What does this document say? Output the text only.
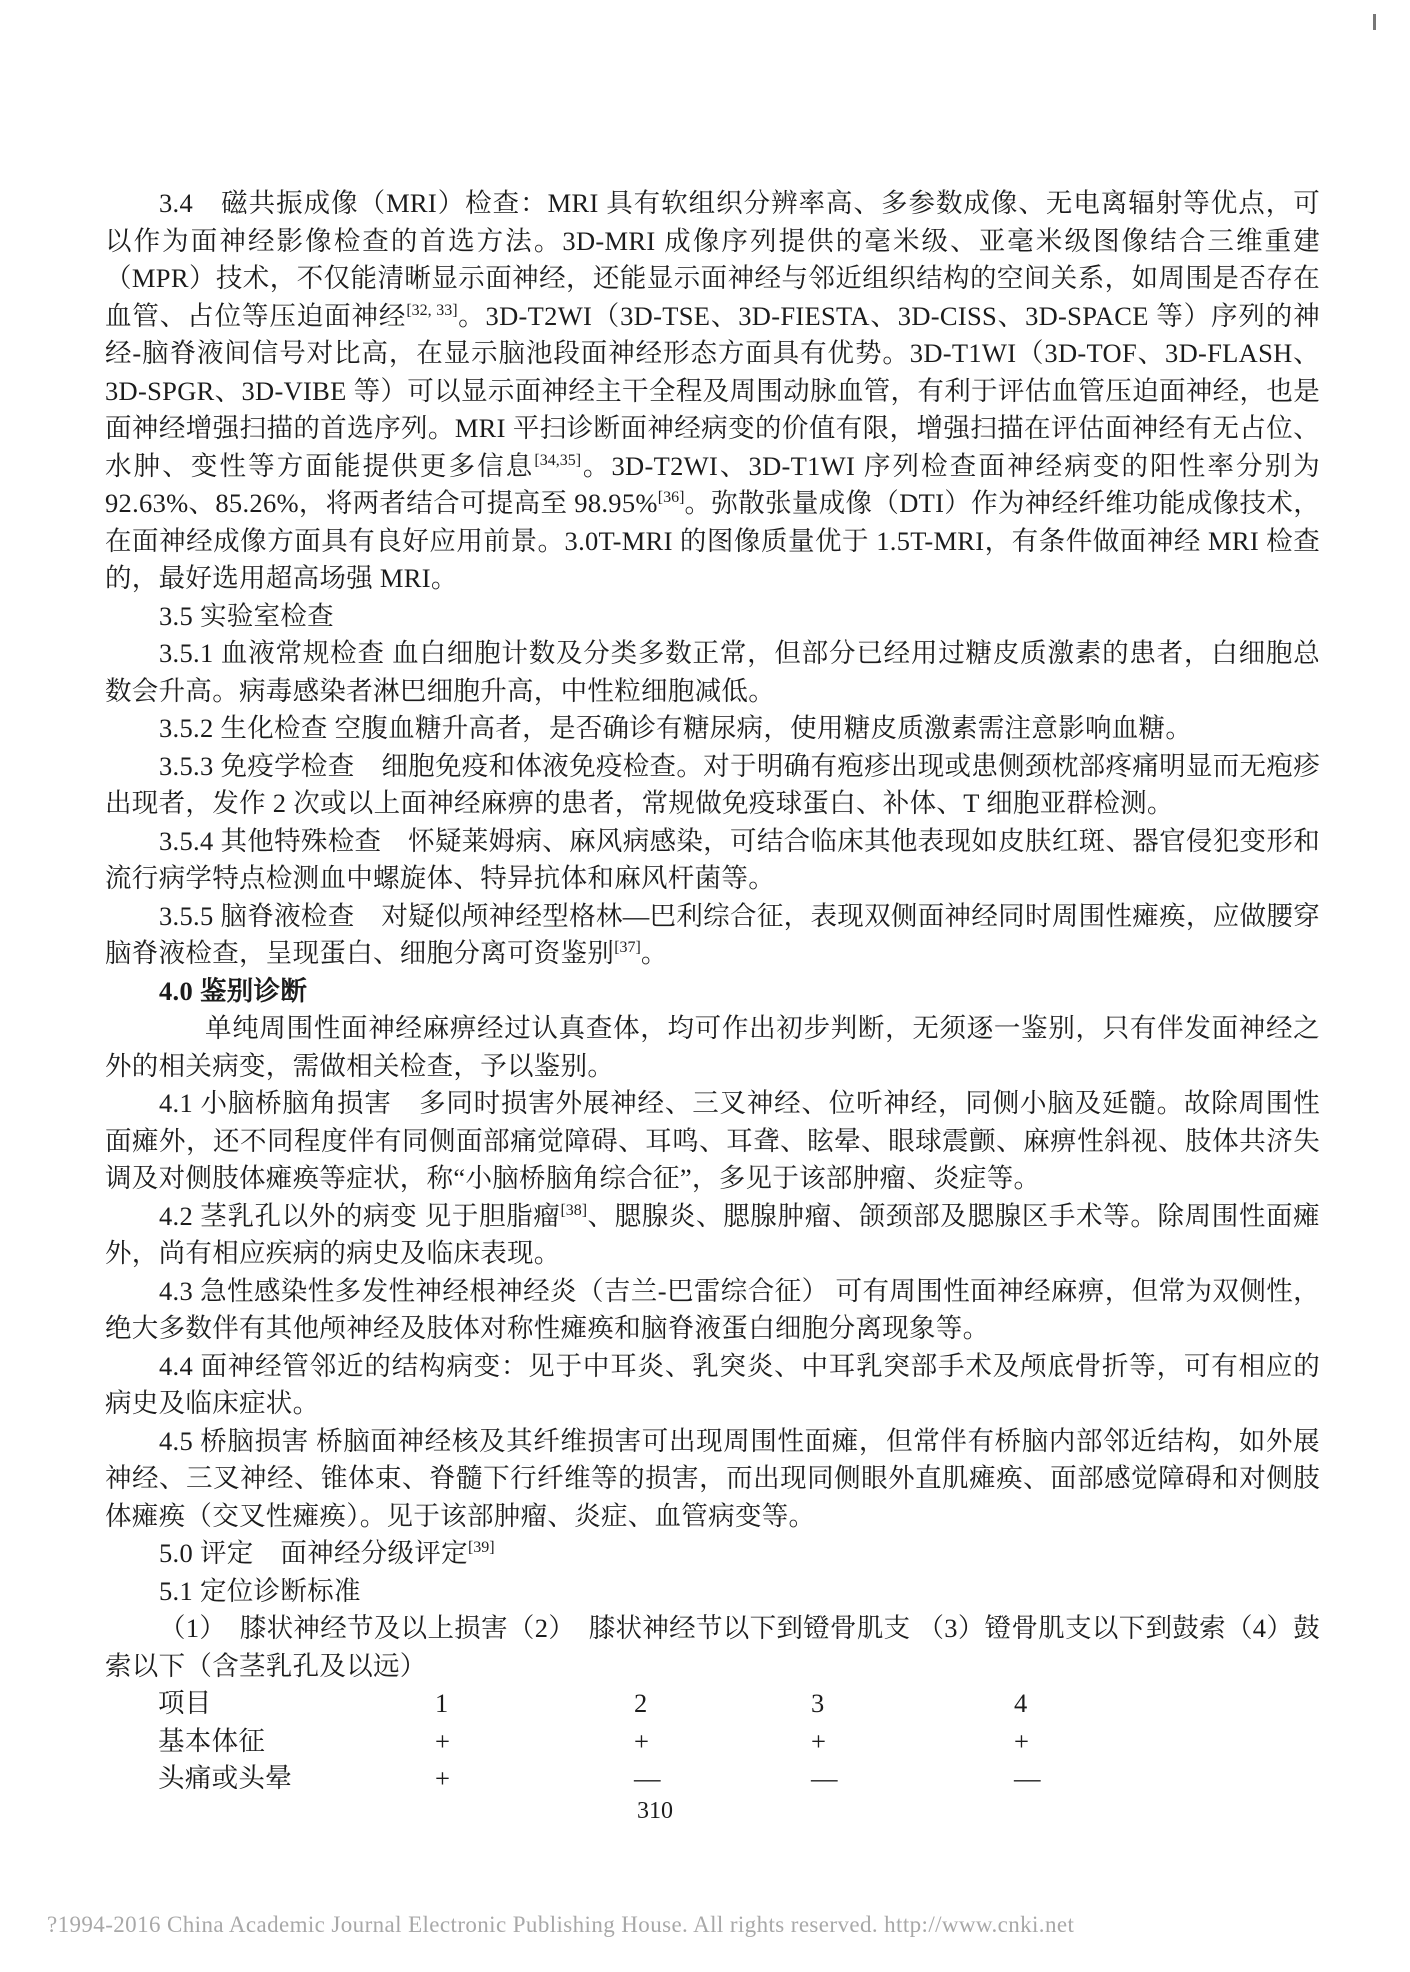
3.4　磁共振成像（MRI）检查：MRI 具有软组织分辨率高、多参数成像、无电离辐射等优点，可以作为面神经影像检查的首选方法。3D-MRI 成像序列提供的毫米级、亚毫米级图像结合三维重建（MPR）技术，不仅能清晰显示面神经，还能显示面神经与邻近组织结构的空间关系，如周围是否存在血管、占位等压迫面神经[32, 33]。3D-T2WI（3D-TSE、3D-FIESTA、3D-CISS、3D-SPACE 等）序列的神经-脑脊液间信号对比高，在显示脑池段面神经形态方面具有优势。3D-T1WI（3D-TOF、3D-FLASH、3D-SPGR、3D-VIBE 等）可以显示面神经主干全程及周围动脉血管，有利于评估血管压迫面神经，也是面神经增强扫描的首选序列。MRI 平扫诊断面神经病变的价值有限，增强扫描在评估面神经有无占位、水肿、变性等方面能提供更多信息[34,35]。3D-T2WI、3D-T1WI 序列检查面神经病变的阳性率分别为 92.63%、85.26%，将两者结合可提高至 98.95%[36]。弥散张量成像（DTI）作为神经纤维功能成像技术，在面神经成像方面具有良好应用前景。3.0T-MRI 的图像质量优于 1.5T-MRI，有条件做面神经 MRI 检查的，最好选用超高场强 MRI。
3.5 实验室检查
3.5.1 血液常规检查 血白细胞计数及分类多数正常，但部分已经用过糖皮质激素的患者，白细胞总数会升高。病毒感染者淋巴细胞升高，中性粒细胞减低。
3.5.2 生化检查 空腹血糖升高者，是否确诊有糖尿病，使用糖皮质激素需注意影响血糖。
3.5.3 免疫学检查　细胞免疫和体液免疫检查。对于明确有疱疹出现或患侧颈枕部疼痛明显而无疱疹出现者，发作 2 次或以上面神经麻痹的患者，常规做免疫球蛋白、补体、T 细胞亚群检测。
3.5.4 其他特殊检查　怀疑莱姆病、麻风病感染，可结合临床其他表现如皮肤红斑、器官侵犯变形和流行病学特点检测血中螺旋体、特异抗体和麻风杆菌等。
3.5.5 脑脊液检查　对疑似颅神经型格林—巴利综合征，表现双侧面神经同时周围性瘫痪，应做腰穿脑脊液检查，呈现蛋白、细胞分离可资鉴别[37]。
4.0 鉴别诊断
单纯周围性面神经麻痹经过认真查体，均可作出初步判断，无须逐一鉴别，只有伴发面神经之外的相关病变，需做相关检查，予以鉴别。
4.1 小脑桥脑角损害　多同时损害外展神经、三叉神经、位听神经，同侧小脑及延髓。故除周围性面瘫外，还不同程度伴有同侧面部痛觉障碍、耳鸣、耳聋、眩晕、眼球震颤、麻痹性斜视、肢体共济失调及对侧肢体瘫痪等症状，称“小脑桥脑角综合征”，多见于该部肿瘤、炎症等。
4.2 茎乳孔以外的病变 见于胆脂瘤[38]、腮腺炎、腮腺肿瘤、颌颈部及腮腺区手术等。除周围性面瘫外，尚有相应疾病的病史及临床表现。
4.3 急性感染性多发性神经根神经炎（吉兰-巴雷综合征） 可有周围性面神经麻痹，但常为双侧性，绝大多数伴有其他颅神经及肢体对称性瘫痪和脑脊液蛋白细胞分离现象等。
4.4 面神经管邻近的结构病变：见于中耳炎、乳突炎、中耳乳突部手术及颅底骨折等，可有相应的病史及临床症状。
4.5 桥脑损害 桥脑面神经核及其纤维损害可出现周围性面瘫，但常伴有桥脑内部邻近结构，如外展神经、三叉神经、锥体束、脊髓下行纤维等的损害，而出现同侧眼外直肌瘫痪、面部感觉障碍和对侧肢体瘫痪（交叉性瘫痪）。见于该部肿瘤、炎症、血管病变等。
5.0 评定　面神经分级评定[39]
5.1 定位诊断标准
（1）　膝状神经节及以上损害（2）　膝状神经节以下到镫骨肌支 （3）镫骨肌支以下到鼓索（4）鼓索以下（含茎乳孔及以远）
项目	1	2	3	4
基本体征	+	+	+	+
头痛或头晕	+	—	—	—
310
?1994-2016 China Academic Journal Electronic Publishing House. All rights reserved. http://www.cnki.net
